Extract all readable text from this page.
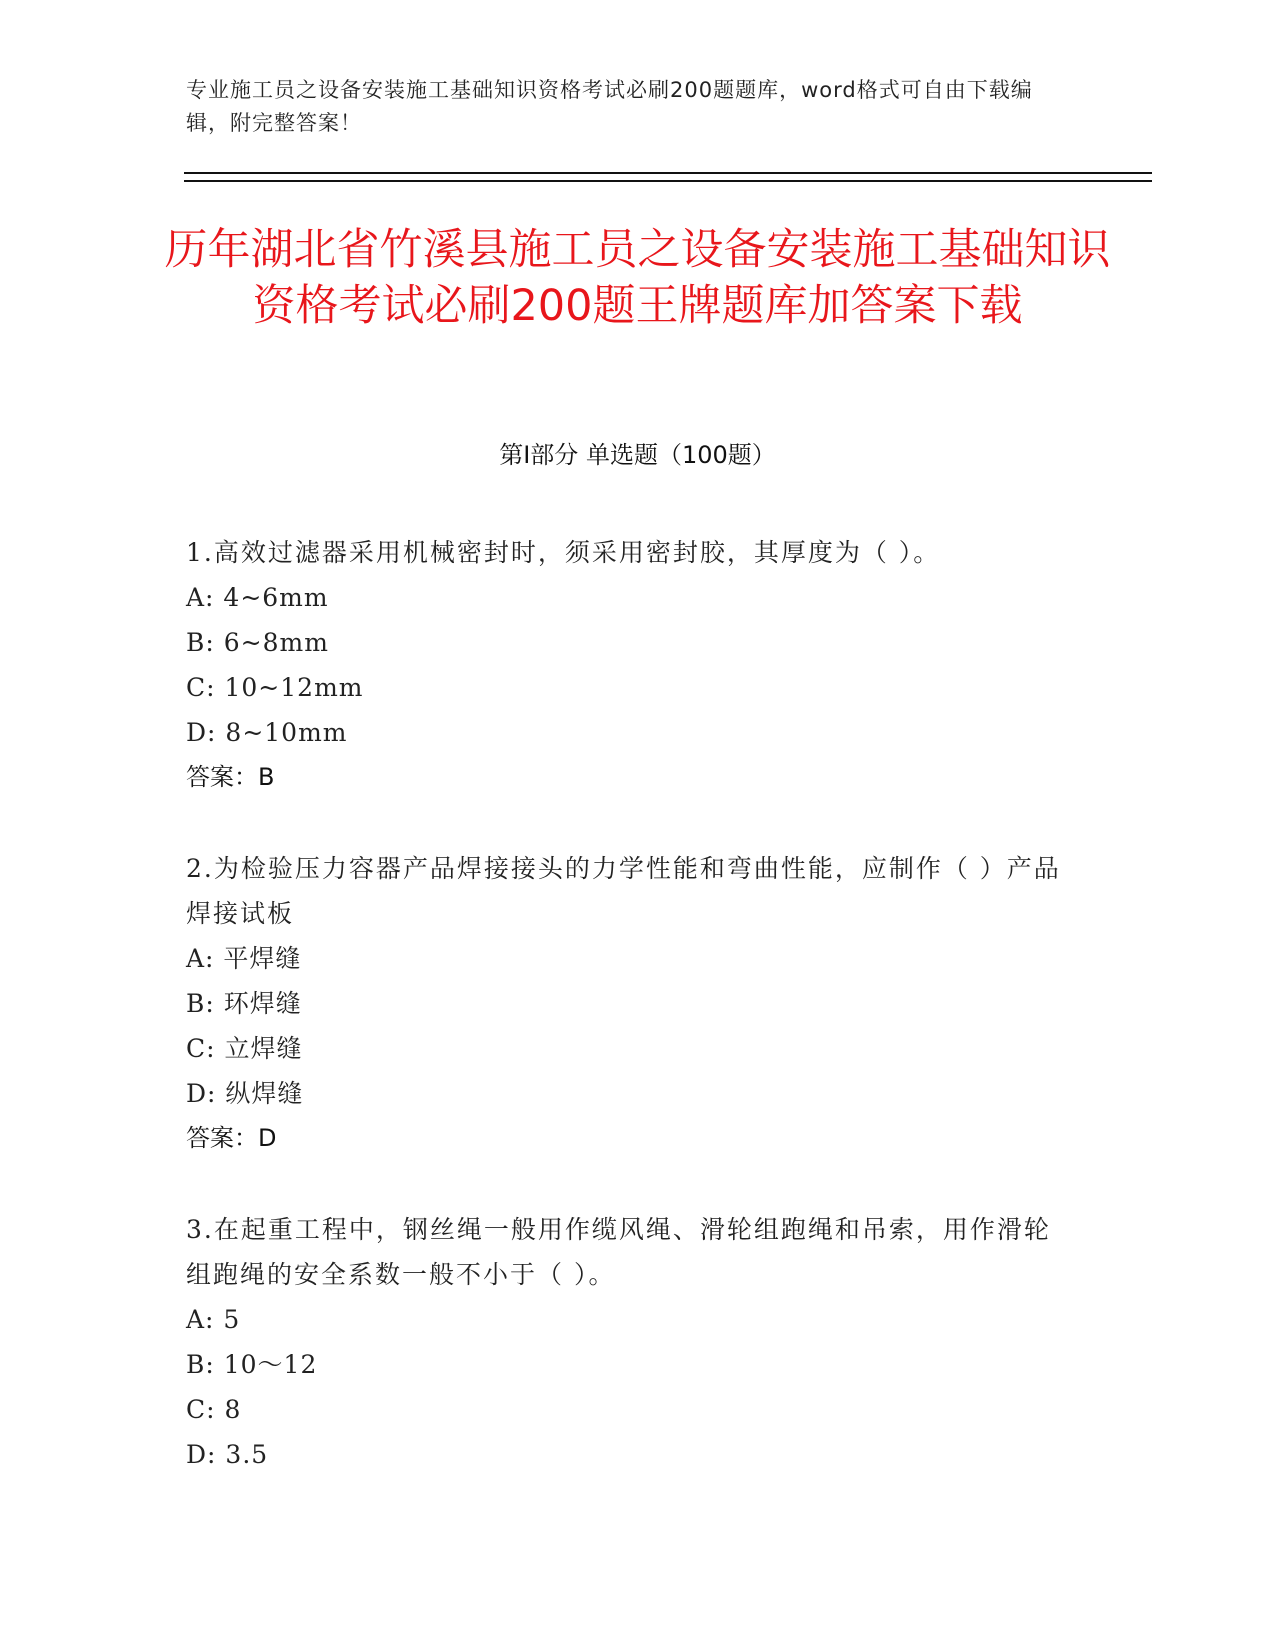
专业施工员之设备安装施工基础知识资格考试必刷200题题库，word格式可自由下载编辑，附完整答案！
历年湖北省竹溪县施工员之设备安装施工基础知识资格考试必刷200题王牌题库加答案下载
第I部分 单选题（100题）

1.高效过滤器采用机械密封时，须采用密封胶，其厚度为（ ）。

A: 4~6mm

B: 6~8mm

C: 10~12mm

D: 8~10mm

答案：B

2.为检验压力容器产品焊接接头的力学性能和弯曲性能，应制作（ ）产品焊接试板

A: 平焊缝

B: 环焊缝

C: 立焊缝

D: 纵焊缝

答案：D

3.在起重工程中，钢丝绳一般用作缆风绳、滑轮组跑绳和吊索，用作滑轮组跑绳的安全系数一般不小于（ ）。

A: 5

B: 10～12

C: 8

D: 3.5
